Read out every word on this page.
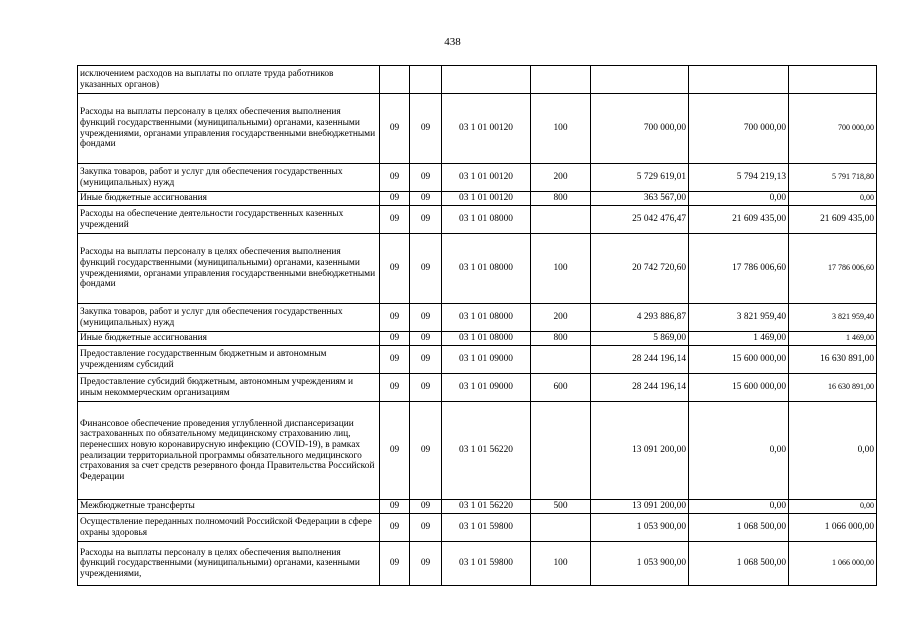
438
исключением расходов на выплаты по оплате труда работников указанных органов)							
Расходы на выплаты персоналу в целях обеспечения выполнения функций государственными (муниципальными) органами, казенными учреждениями, органами управления государственными внебюджетными фондами	09	09	03 1 01 00120	100	700 000,00	700 000,00	700 000,00
Закупка товаров, работ и услуг для обеспечения государственных (муниципальных) нужд	09	09	03 1 01 00120	200	5 729 619,01	5 794 219,13	5 791 718,80
Иные бюджетные ассигнования	09	09	03 1 01 00120	800	363 567,00	0,00	0,00
Расходы на обеспечение деятельности государственных казенных учреждений	09	09	03 1 01 08000		25 042 476,47	21 609 435,00	21 609 435,00
Расходы на выплаты персоналу в целях обеспечения выполнения функций государственными (муниципальными) органами, казенными учреждениями, органами управления государственными внебюджетными фондами	09	09	03 1 01 08000	100	20 742 720,60	17 786 006,60	17 786 006,60
Закупка товаров, работ и услуг для обеспечения государственных (муниципальных) нужд	09	09	03 1 01 08000	200	4 293 886,87	3 821 959,40	3 821 959,40
Иные бюджетные ассигнования	09	09	03 1 01 08000	800	5 869,00	1 469,00	1 469,00
Предоставление государственным бюджетным и автономным учреждениям субсидий	09	09	03 1 01 09000		28 244 196,14	15 600 000,00	16 630 891,00
Предоставление субсидий бюджетным, автономным учреждениям и иным некоммерческим организациям	09	09	03 1 01 09000	600	28 244 196,14	15 600 000,00	16 630 891,00
Финансовое обеспечение проведения углубленной диспансеризации застрахованных по обязательному медицинскому страхованию лиц, перенесших новую коронавирусную инфекцию (COVID-19), в рамках реализации территориальной программы обязательного медицинского страхования за счет средств резервного фонда Правительства Российской Федерации	09	09	03 1 01 56220		13 091 200,00	0,00	0,00
Межбюджетные трансферты	09	09	03 1 01 56220	500	13 091 200,00	0,00	0,00
Осуществление переданных полномочий Российской Федерации в сфере охраны здоровья	09	09	03 1 01 59800		1 053 900,00	1 068 500,00	1 066 000,00
Расходы на выплаты персоналу в целях обеспечения выполнения функций государственными (муниципальными) органами, казенными учреждениями,	09	09	03 1 01 59800	100	1 053 900,00	1 068 500,00	1 066 000,00
